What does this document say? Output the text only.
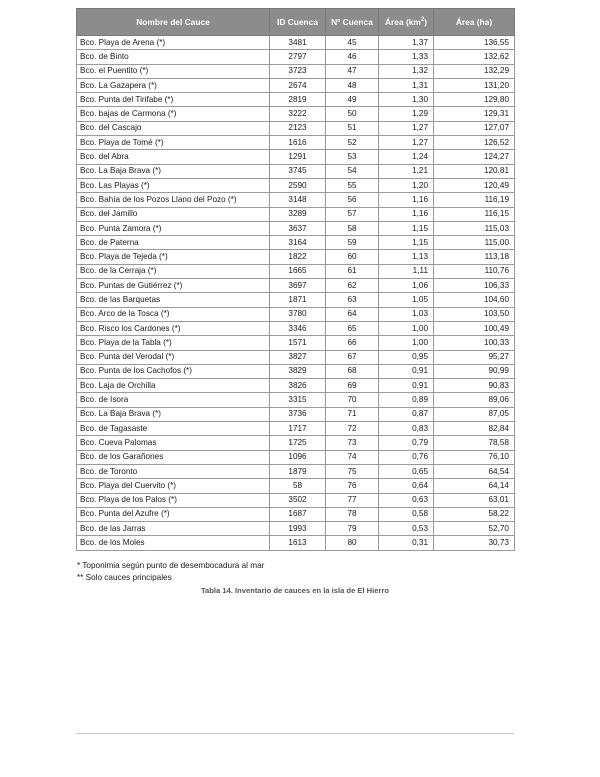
Nombre del Cauce	ID Cuenca	Nº Cuenca	Área $(km^2)$	Área (ha)
Bco. Playa de Arena (*)	3481	45	1,37	136,55
Bco. de Binto	2797	46	1,33	132,62
Bco. el Puentito (*)	3723	47	1,32	132,29
Bco. La Gazapera (*)	2674	48	1,31	131,20
Bco. Punta del Tirifabe (*)	2819	49	1,30	129,80
Bco. bajas de Carmona (*)	3222	50	1,29	129,31
Bco. del Cascajo	2123	51	1,27	127,07
Bco. Playa de Tomé (*)	1616	52	1,27	126,52
Bco. del Abra	1291	53	1,24	124,27
Bco. La Baja Brava (*)	3745	54	1,21	120,81
Bco. Las Playas (*)	2590	55	1,20	120,49
Bco. Bahía de los Pozos Llano del Pozo (*)	3148	56	1,16	116,19
Bco. del Jamillo	3289	57	1,16	116,15
Bco. Punta Zamora (*)	3637	58	1,15	115,03
Bco. de Paterna	3164	59	1,15	115,00
Bco. Playa de Tejeda (*)	1822	60	1,13	113,18
Bco. de la Cerraja (*)	1665	61	1,11	110,76
Bco. Puntas de Gutiérrez (*)	3697	62	1,06	106,33
Bco. de las Barquetas	1871	63	1,05	104,60
Bco. Arco de la Tosca (*)	3780	64	1,03	103,50
Bco. Risco los Cardones (*)	3346	65	1,00	100,49
Bco. Playa de la Tabla (*)	1571	66	1,00	100,33
Bco. Punta del Verodal (*)	3827	67	0,95	95,27
Bco. Punta de los Cachofos (*)	3829	68	0,91	90,99
Bco. Laja de Orchilla	3826	69	0,91	90,83
Bco. de Isora	3315	70	0,89	89,06
Bco. La Baja Brava (*)	3736	71	0,87	87,05
Bco. de Tagasaste	1717	72	0,83	82,84
Bco. Cueva Palomas	1725	73	0,79	78,58
Bco. de los Garañones	1096	74	0,76	76,10
Bco. de Toronto	1879	75	0,65	64,54
Bco. Playa del Cuervito (*)	58	76	0,64	64,14
Bco. Playa de los Palos (*)	3502	77	0,63	63,01
Bco. Punta del Azufre (*)	1687	78	0,58	58,22
Bco. de las Jarras	1993	79	0,53	52,70
Bco. de los Moles	1613	80	0,31	30,73
* Toponimia según punto de desembocadura al mar
** Solo cauces principales
Tabla 14. Inventario de cauces en la isla de El Hierro
